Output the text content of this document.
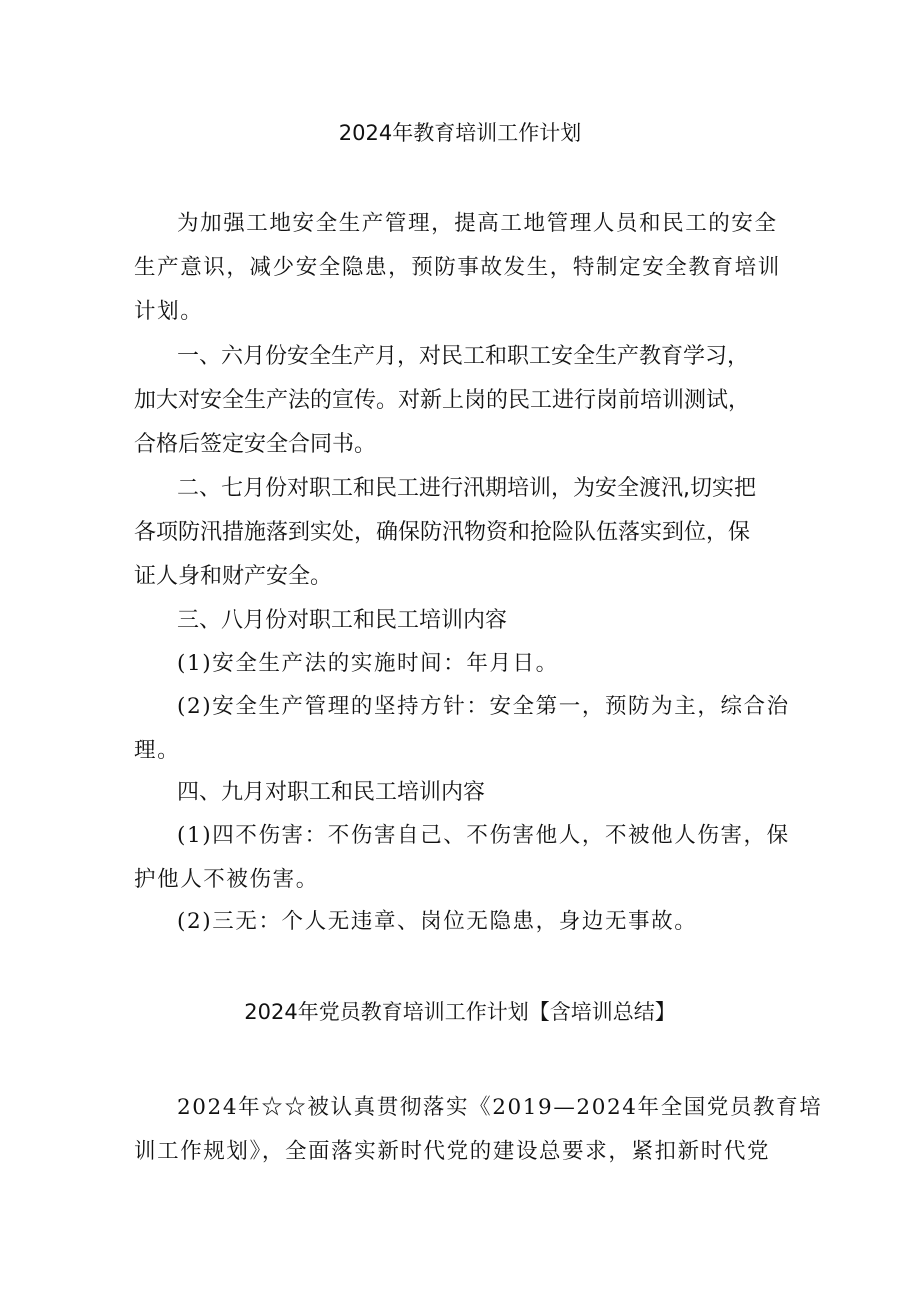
2024年教育培训工作计划

为加强工地安全生产管理，提高工地管理人员和民工的安全
生产意识，减少安全隐患，预防事故发生，特制定安全教育培训
计划。

一、六月份安全生产月，对民工和职工安全生产教育学习，
加大对安全生产法的宣传。对新上岗的民工进行岗前培训测试，
合格后签定安全合同书。

二、七月份对职工和民工进行汛期培训，为安全渡汛,切实把
各项防汛措施落到实处，确保防汛物资和抢险队伍落实到位，保
证人身和财产安全。

三、八月份对职工和民工培训内容

(1)安全生产法的实施时间：年月日。

(2)安全生产管理的坚持方针：安全第一，预防为主，综合治
理。

四、九月对职工和民工培训内容

(1)四不伤害：不伤害自己、不伤害他人，不被他人伤害，保
护他人不被伤害。

(2)三无：个人无违章、岗位无隐患，身边无事故。

2024年党员教育培训工作计划【含培训总结】

2024年☆☆被认真贯彻落实《2019—2024年全国党员教育培
训工作规划》，全面落实新时代党的建设总要求，紧扣新时代党
